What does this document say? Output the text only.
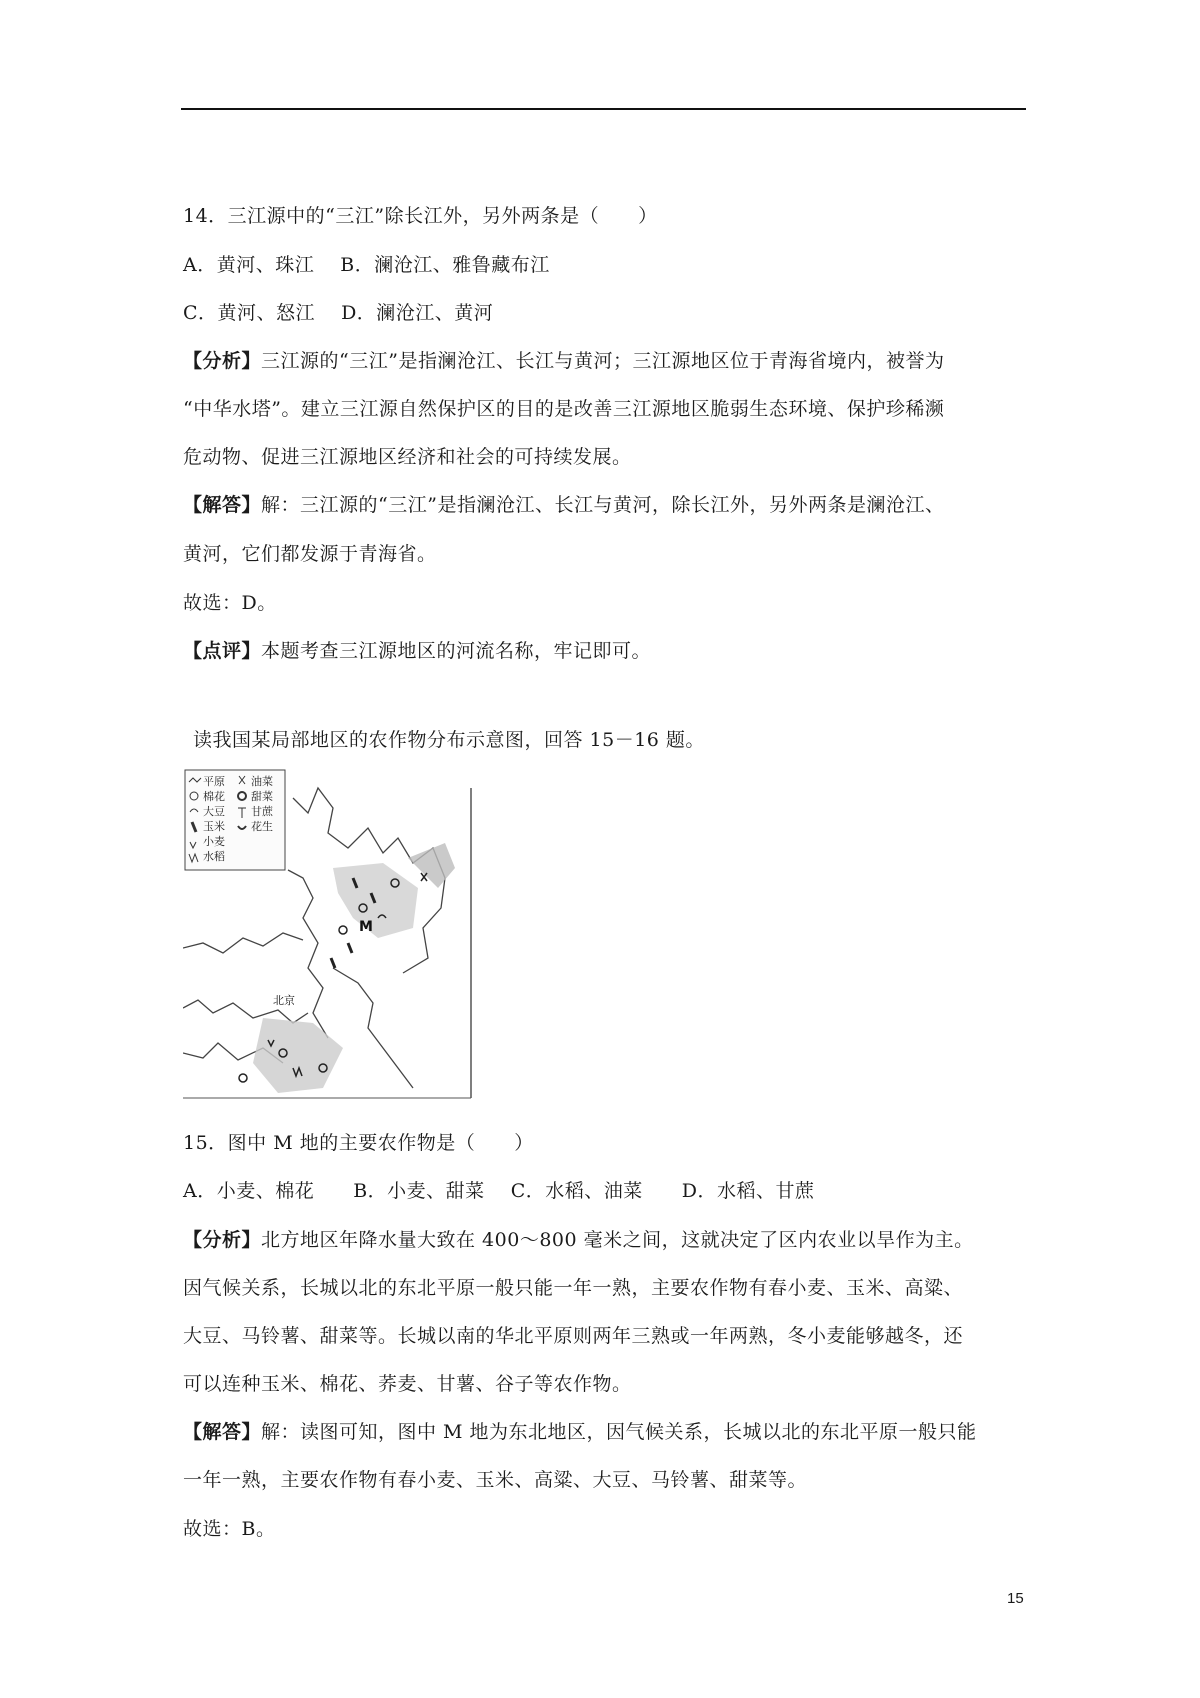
14．三江源中的“三江”除长江外，另外两条是（　　）
A．黄河、珠江　 B．澜沧江、雅鲁藏布江
C．黄河、怒江　 D．澜沧江、黄河
【分析】三江源的“三江”是指澜沧江、长江与黄河；三江源地区位于青海省境内，被誉为
“中华水塔”。建立三江源自然保护区的目的是改善三江源地区脆弱生态环境、保护珍稀濒
危动物、促进三江源地区经济和社会的可持续发展。
【解答】解：三江源的“三江”是指澜沧江、长江与黄河，除长江外，另外两条是澜沧江、
黄河，它们都发源于青海省。
故选：D。
【点评】本题考查三江源地区的河流名称，牢记即可。
读我国某局部地区的农作物分布示意图，回答 15－16 题。
平原
棉花
大豆
玉米
小麦
水稻
油菜
甜菜
甘蔗
花生
M
北京
15．图中 M 地的主要农作物是（　　）
A．小麦、棉花　　B．小麦、甜菜　 C．水稻、油菜　　D．水稻、甘蔗
【分析】北方地区年降水量大致在 400～800 毫米之间，这就决定了区内农业以旱作为主。
因气候关系，长城以北的东北平原一般只能一年一熟，主要农作物有春小麦、玉米、高粱、
大豆、马铃薯、甜菜等。长城以南的华北平原则两年三熟或一年两熟，冬小麦能够越冬，还
可以连种玉米、棉花、荞麦、甘薯、谷子等农作物。
【解答】解：读图可知，图中 M 地为东北地区，因气候关系，长城以北的东北平原一般只能
一年一熟，主要农作物有春小麦、玉米、高粱、大豆、马铃薯、甜菜等。
故选：B。
15
